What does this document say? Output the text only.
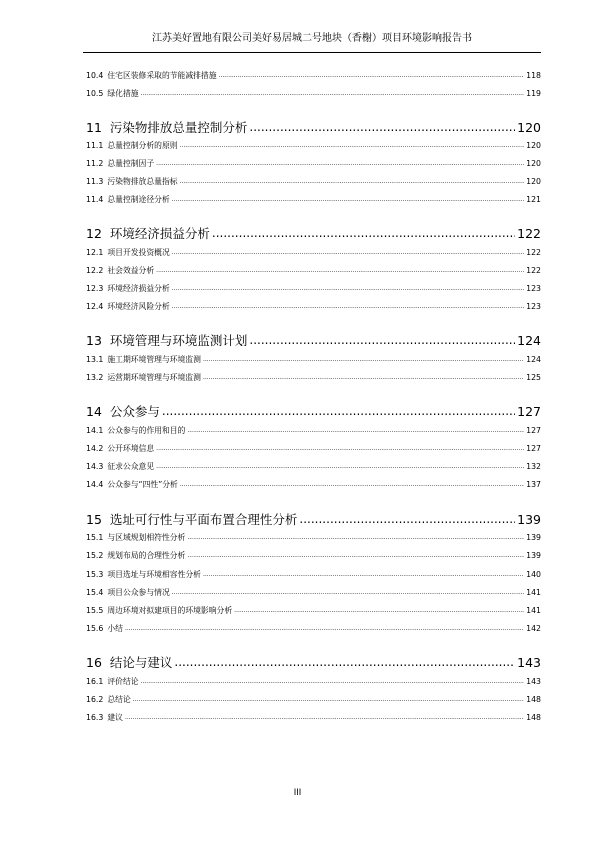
江苏美好置地有限公司美好易居城二号地块（香榭）项目环境影响报告书
10.4 住宅区装修采取的节能减排措施 .....	118
10.5 绿化措施 .....	119
11 污染物排放总量控制分析 .....	120
11.1 总量控制分析的原则 .....	120
11.2 总量控制因子 .....	120
11.3 污染物排放总量指标 .....	120
11.4 总量控制途径分析 .....	121
12 环境经济损益分析 .....	122
12.1 项目开发投资概况 .....	122
12.2 社会效益分析 .....	122
12.3 环境经济损益分析 .....	123
12.4 环境经济风险分析 .....	123
13 环境管理与环境监测计划 .....	124
13.1 施工期环境管理与环境监测 .....	124
13.2 运营期环境管理与环境监测 .....	125
14 公众参与 .....	127
14.1 公众参与的作用和目的 .....	127
14.2 公开环境信息 .....	127
14.3 征求公众意见 .....	132
14.4 公众参与“四性”分析 .....	137
15 选址可行性与平面布置合理性分析 .....	139
15.1 与区域规划相符性分析 .....	139
15.2 规划布局的合理性分析 .....	139
15.3 项目选址与环境相容性分析 .....	140
15.4 项目公众参与情况 .....	141
15.5 周边环境对拟建项目的环境影响分析 .....	141
15.6 小结 .....	142
16 结论与建议 .....	143
16.1 评价结论 .....	143
16.2 总结论 .....	148
16.3 建议 .....	148
III
